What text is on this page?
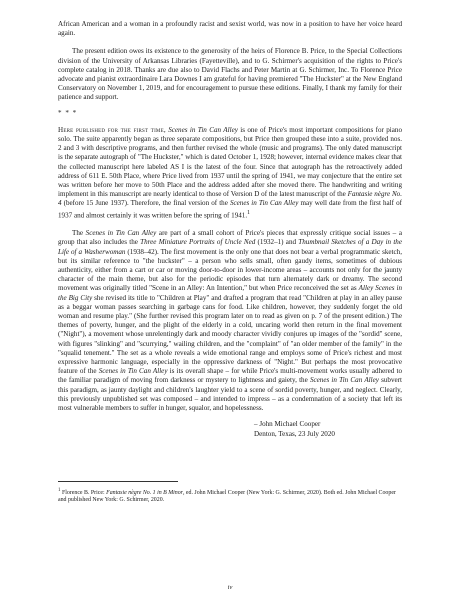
African American and a woman in a profoundly racist and sexist world, was now in a position to have her voice heard again.

The present edition owes its existence to the generosity of the heirs of Florence B. Price, to the Special Collections division of the University of Arkansas Libraries (Fayetteville), and to G. Schirmer's acquisition of the rights to Price's complete catalog in 2018. Thanks are due also to David Flachs and Peter Martin at G. Schirmer, Inc. To Florence Price advocate and pianist extraordinaire Lara Downes I am grateful for having premiered "The Huckster" at the New England Conservatory on November 1, 2019, and for encouragement to pursue these editions. Finally, I thank my family for their patience and support.

* * *

Here published for the first time, Scenes in Tin Can Alley is one of Price's most important compositions for piano solo. The suite apparently began as three separate compositions, but Price then grouped these into a suite, provided nos. 2 and 3 with descriptive programs, and then further revised the whole (music and programs). The only dated manuscript is the separate autograph of "The Huckster," which is dated October 1, 1928; however, internal evidence makes clear that the collected manuscript here labeled AS I is the latest of the four. Since that autograph has the retroactively added address of 611 E. 50th Place, where Price lived from 1937 until the spring of 1941, we may conjecture that the entire set was written before her move to 50th Place and the address added after she moved there. The handwriting and writing implement in this manuscript are nearly identical to those of Version D of the latest manuscript of the Fantasie nègre No. 4 (before 15 June 1937). Therefore, the final version of the Scenes in Tin Can Alley may well date from the first half of 1937 and almost certainly it was written before the spring of 1941.$^1$

The Scenes in Tin Can Alley are part of a small cohort of Price's pieces that expressly critique social issues – a group that also includes the Three Miniature Portraits of Uncle Ned (1932–1) and Thumbnail Sketches of a Day in the Life of a Washerwoman (1938–42). The first movement is the only one that does not bear a verbal programmatic sketch, but its similar reference to "the huckster" – a person who sells small, often gaudy items, sometimes of dubious authenticity, either from a cart or car or moving door-to-door in lower-income areas – accounts not only for the jaunty character of the main theme, but also for the periodic episodes that turn alternately dark or dreamy. The second movement was originally titled "Scene in an Alley: An Intention," but when Price reconceived the set as Alley Scenes in the Big City she revised its title to "Children at Play" and drafted a program that read "Children at play in an alley pause as a beggar woman passes searching in garbage cans for food. Like children, however, they suddenly forget the old woman and resume play." (She further revised this program later on to read as given on p. 7 of the present edition.) The themes of poverty, hunger, and the plight of the elderly in a cold, uncaring world then return in the final movement ("Night"), a movement whose unrelentingly dark and moody character vividly conjures up images of the "sordid" scene, with figures "slinking" and "scurrying," wailing children, and the "complaint" of "an older member of the family" in the "squalid tenement." The set as a whole reveals a wide emotional range and employs some of Price's richest and most expressive harmonic language, especially in the oppressive darkness of "Night." But perhaps the most provocative feature of the Scenes in Tin Can Alley is its overall shape – for while Price's multi-movement works usually adhered to the familiar paradigm of moving from darkness or mystery to lightness and gaiety, the Scenes in Tin Can Alley subvert this paradigm, as jaunty daylight and children's laughter yield to a scene of sordid poverty, hunger, and neglect. Clearly, this previously unpublished set was composed – and intended to impress – as a condemnation of a society that left its most vulnerable members to suffer in hunger, squalor, and hopelessness.

– John Michael Cooper
Denton, Texas, 23 July 2020

$^1$ Florence B. Price: Fantasie nègre No. 1 in B Minor, ed. John Michael Cooper (New York: G. Schirmer, 2020). Both ed. John Michael Cooper and published New York: G. Schirmer, 2020.

iv
